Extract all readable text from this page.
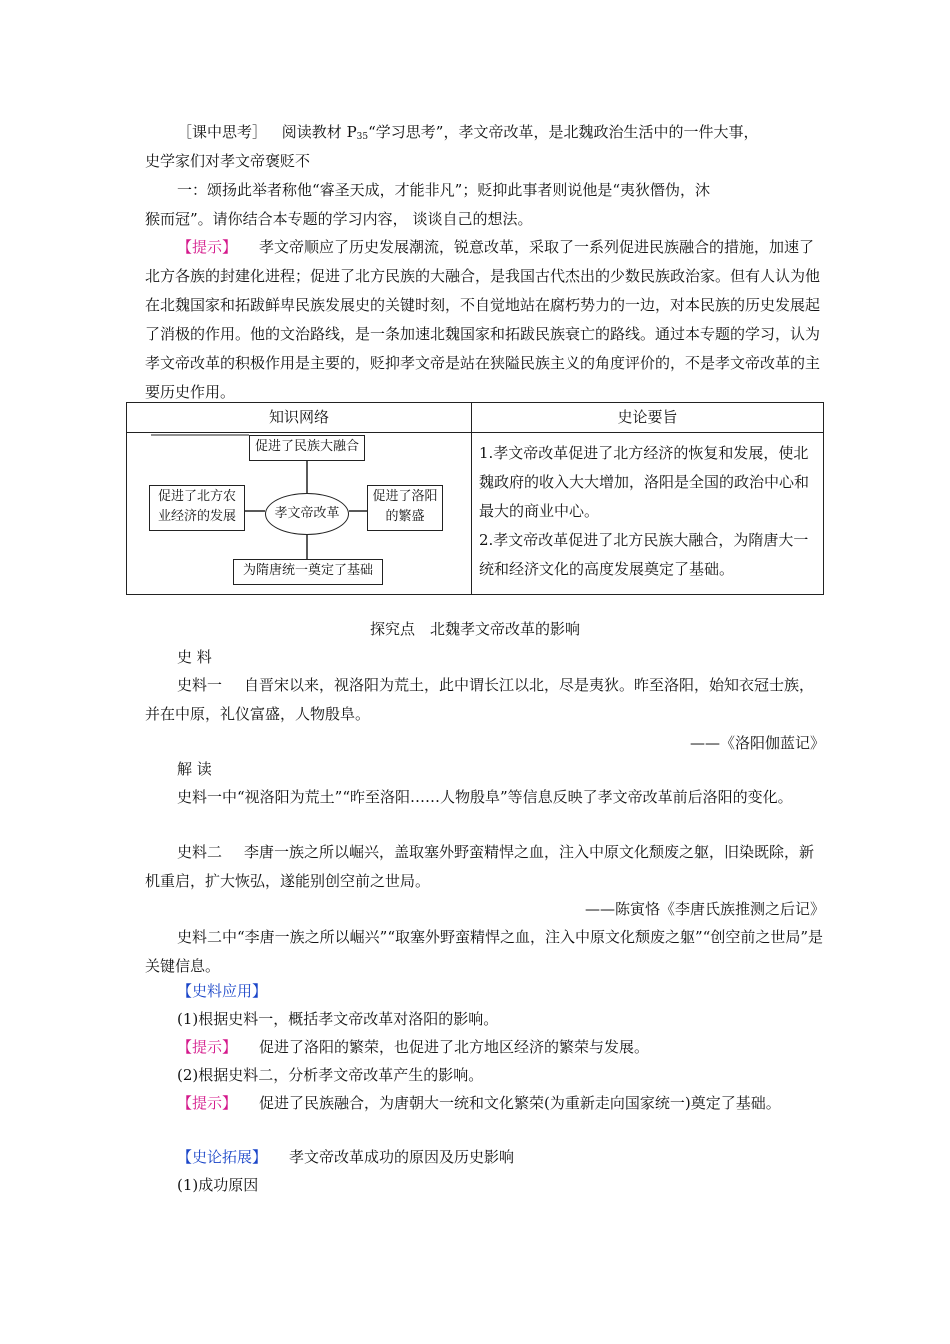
［课中思考］ 阅读教材 $P_{35}“$学习思考”，孝文帝改革，是北魏政治生活中的一件大事，
史学家们对孝文帝褒贬不
一：颂扬此举者称他“睿圣天成，才能非凡”；贬抑此事者则说他是“夷狄僭伪，沐
猴而冠”。请你结合本专题的学习内容， 谈谈自己的想法。

【提示】 孝文帝顺应了历史发展潮流，锐意改革，采取了一系列促进民族融合的措施，加速了北方各族的封建化进程；促进了北方民族的大融合，是我国古代杰出的少数民族政治家。但有人认为他在北魏国家和拓跋鲜卑民族发展史的关键时刻，不自觉地站在腐朽势力的一边，对本民族的历史发展起了消极的作用。他的文治路线，是一条加速北魏国家和拓跋民族衰亡的路线。通过本专题的学习，认为孝文帝改革的积极作用是主要的，贬抑孝文帝是站在狭隘民族主义的角度评价的，不是孝文帝改革的主要历史作用。

知识网络	史论要旨
促进了民族大融合
促进了北方农业经济的发展	孝文帝改革
促进了洛阳的繁盛
为隋唐统一奠定了基础
1.孝文帝改革促进了北方经济的恢复和发展，使北魏政府的收入大大增加，洛阳是全国的政治中心和最大的商业中心。
2.孝文帝改革促进了北方民族大融合，为隋唐大一统和经济文化的高度发展奠定了基础。
探究点　北魏孝文帝改革的影响
史 料

史料一 自晋宋以来，视洛阳为荒土，此中谓长江以北，尽是夷狄。昨至洛阳，始知衣冠士族，并在中原，礼仪富盛，人物殷阜。

——《洛阳伽蓝记》
解 读

史料一中“视洛阳为荒土”“昨至洛阳……人物殷阜”等信息反映了孝文帝改革前后洛阳的变化。

史料二 李唐一族之所以崛兴，盖取塞外野蛮精悍之血，注入中原文化颓废之躯，旧染既除，新机重启，扩大恢弘，遂能别创空前之世局。

——陈寅恪《李唐氏族推测之后记》

史料二中“李唐一族之所以崛兴”“取塞外野蛮精悍之血，注入中原文化颓废之躯”“创空前之世局”是关键信息。

【史料应用】
(1)根据史料一，概括孝文帝改革对洛阳的影响。
【提示】 促进了洛阳的繁荣，也促进了北方地区经济的繁荣与发展。
(2)根据史料二，分析孝文帝改革产生的影响。

【提示】 促进了民族融合，为唐朝大一统和文化繁荣(为重新走向国家统一)奠定了基础。

【史论拓展】 孝文帝改革成功的原因及历史影响
(1)成功原因
